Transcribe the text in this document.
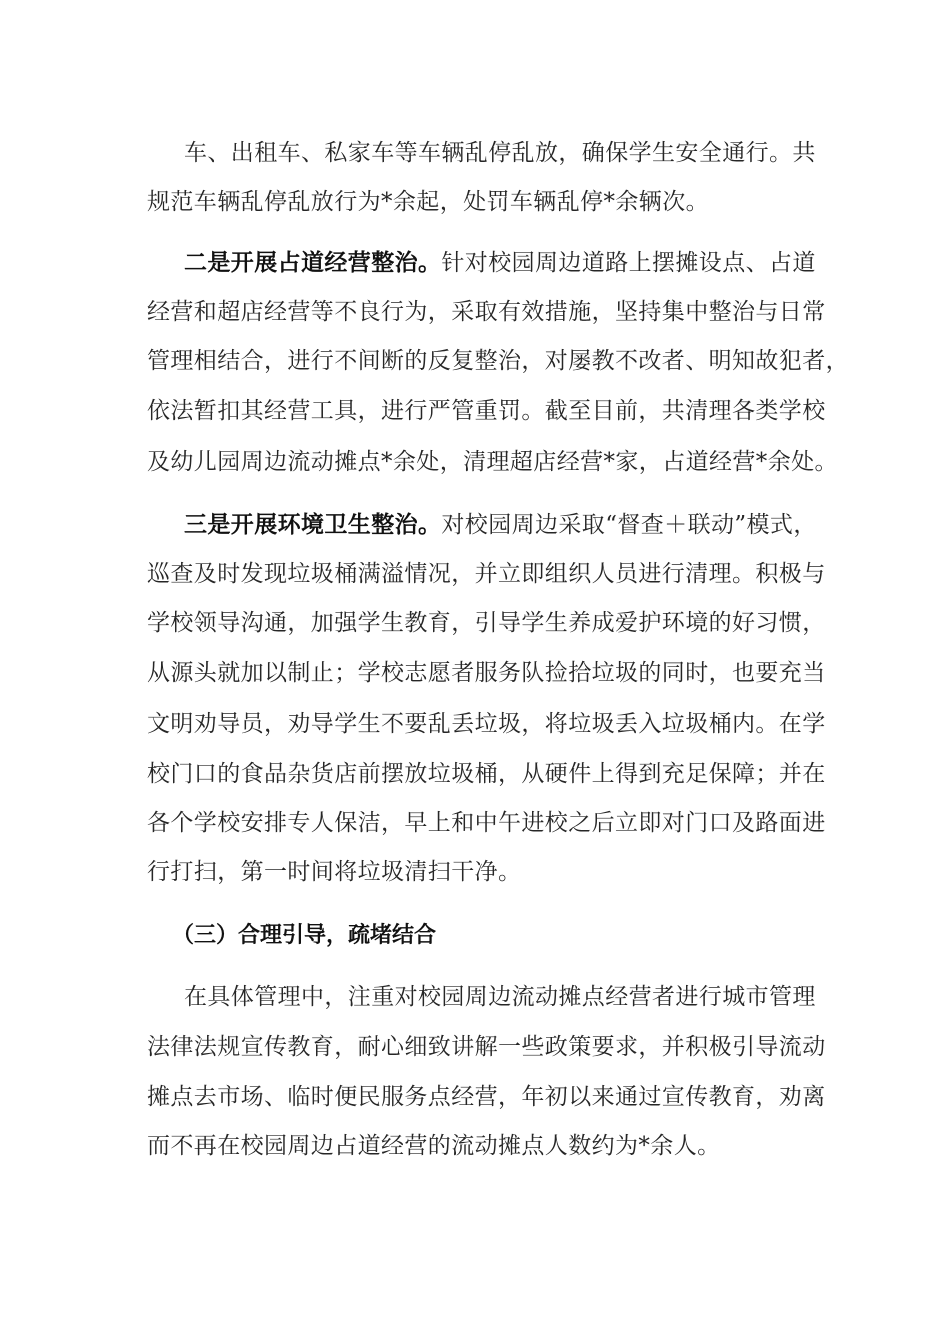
车、出租车、私家车等车辆乱停乱放，确保学生安全通行。共
规范车辆乱停乱放行为*余起，处罚车辆乱停*余辆次。
二是开展占道经营整治。针对校园周边道路上摆摊设点、占道
经营和超店经营等不良行为，采取有效措施，坚持集中整治与日常
管理相结合，进行不间断的反复整治，对屡教不改者、明知故犯者，
依法暂扣其经营工具，进行严管重罚。截至目前，共清理各类学校
及幼儿园周边流动摊点*余处，清理超店经营*家，占道经营*余处。
三是开展环境卫生整治。对校园周边采取“督查＋联动”模式，
巡查及时发现垃圾桶满溢情况，并立即组织人员进行清理。积极与
学校领导沟通，加强学生教育，引导学生养成爱护环境的好习惯，
从源头就加以制止；学校志愿者服务队捡拾垃圾的同时，也要充当
文明劝导员，劝导学生不要乱丢垃圾，将垃圾丢入垃圾桶内。在学
校门口的食品杂货店前摆放垃圾桶，从硬件上得到充足保障；并在
各个学校安排专人保洁，早上和中午进校之后立即对门口及路面进
行打扫，第一时间将垃圾清扫干净。
（三）合理引导，疏堵结合
在具体管理中，注重对校园周边流动摊点经营者进行城市管理
法律法规宣传教育，耐心细致讲解一些政策要求，并积极引导流动
摊点去市场、临时便民服务点经营，年初以来通过宣传教育，劝离
而不再在校园周边占道经营的流动摊点人数约为*余人。
